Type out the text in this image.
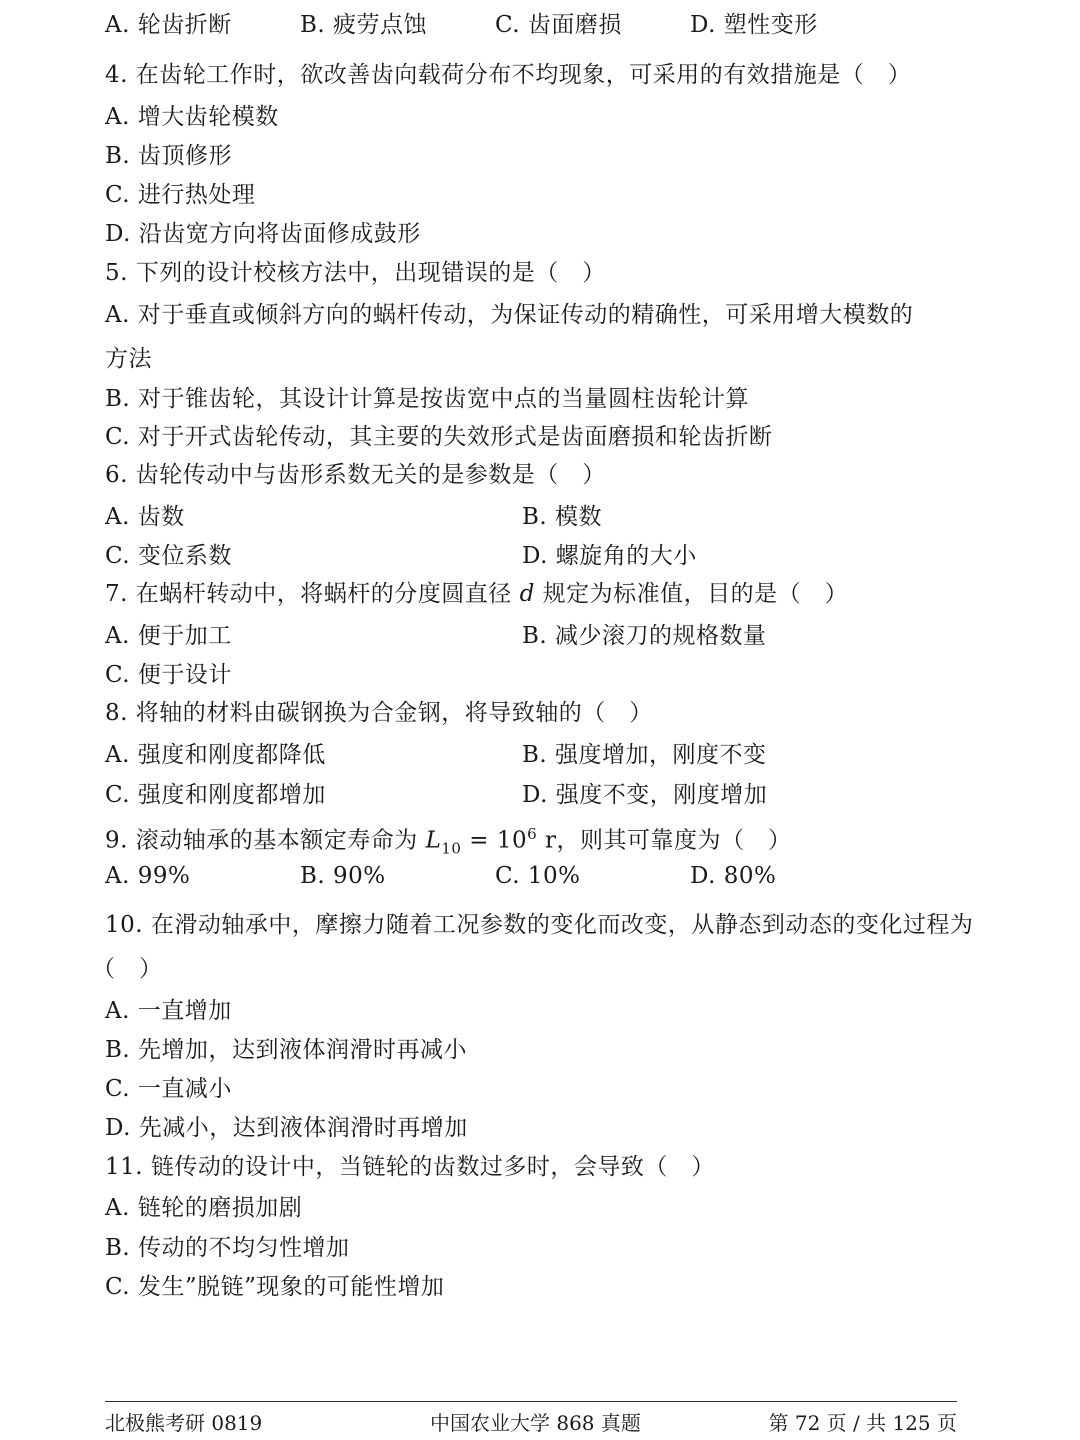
A. 轮齿折断	B. 疲劳点蚀	C. 齿面磨损	D. 塑性变形
4. 在齿轮工作时，欲改善齿向载荷分布不均现象，可采用的有效措施是（　）
A. 增大齿轮模数
B. 齿顶修形
C. 进行热处理
D. 沿齿宽方向将齿面修成鼓形
5. 下列的设计校核方法中，出现错误的是（　）
A. 对于垂直或倾斜方向的蜗杆传动，为保证传动的精确性，可采用增大模数的
方法
B. 对于锥齿轮，其设计计算是按齿宽中点的当量圆柱齿轮计算
C. 对于开式齿轮传动，其主要的失效形式是齿面磨损和轮齿折断
6. 齿轮传动中与齿形系数无关的是参数是（　）
A. 齿数	B. 模数
C. 变位系数	D. 螺旋角的大小
7. 在蜗杆转动中，将蜗杆的分度圆直径 d 规定为标准值，目的是（　）
A. 便于加工	B. 减少滚刀的规格数量
C. 便于设计
8. 将轴的材料由碳钢换为合金钢，将导致轴的（　）
A. 强度和刚度都降低	B. 强度增加，刚度不变
C. 强度和刚度都增加	D. 强度不变，刚度增加
9. 滚动轴承的基本额定寿命为 $L_{10} = 10^6$ r，则其可靠度为（　）
A. 99%	B. 90%	C. 10%	D. 80%
10. 在滑动轴承中，摩擦力随着工况参数的变化而改变，从静态到动态的变化过程为
（　）
A. 一直增加
B. 先增加，达到液体润滑时再减小
C. 一直减小
D. 先减小，达到液体润滑时再增加
11. 链传动的设计中，当链轮的齿数过多时，会导致（　）
A. 链轮的磨损加剧
B. 传动的不均匀性增加
C. 发生”脱链”现象的可能性增加
北极熊考研 0819	中国农业大学 868 真题	第 72 页 / 共 125 页
